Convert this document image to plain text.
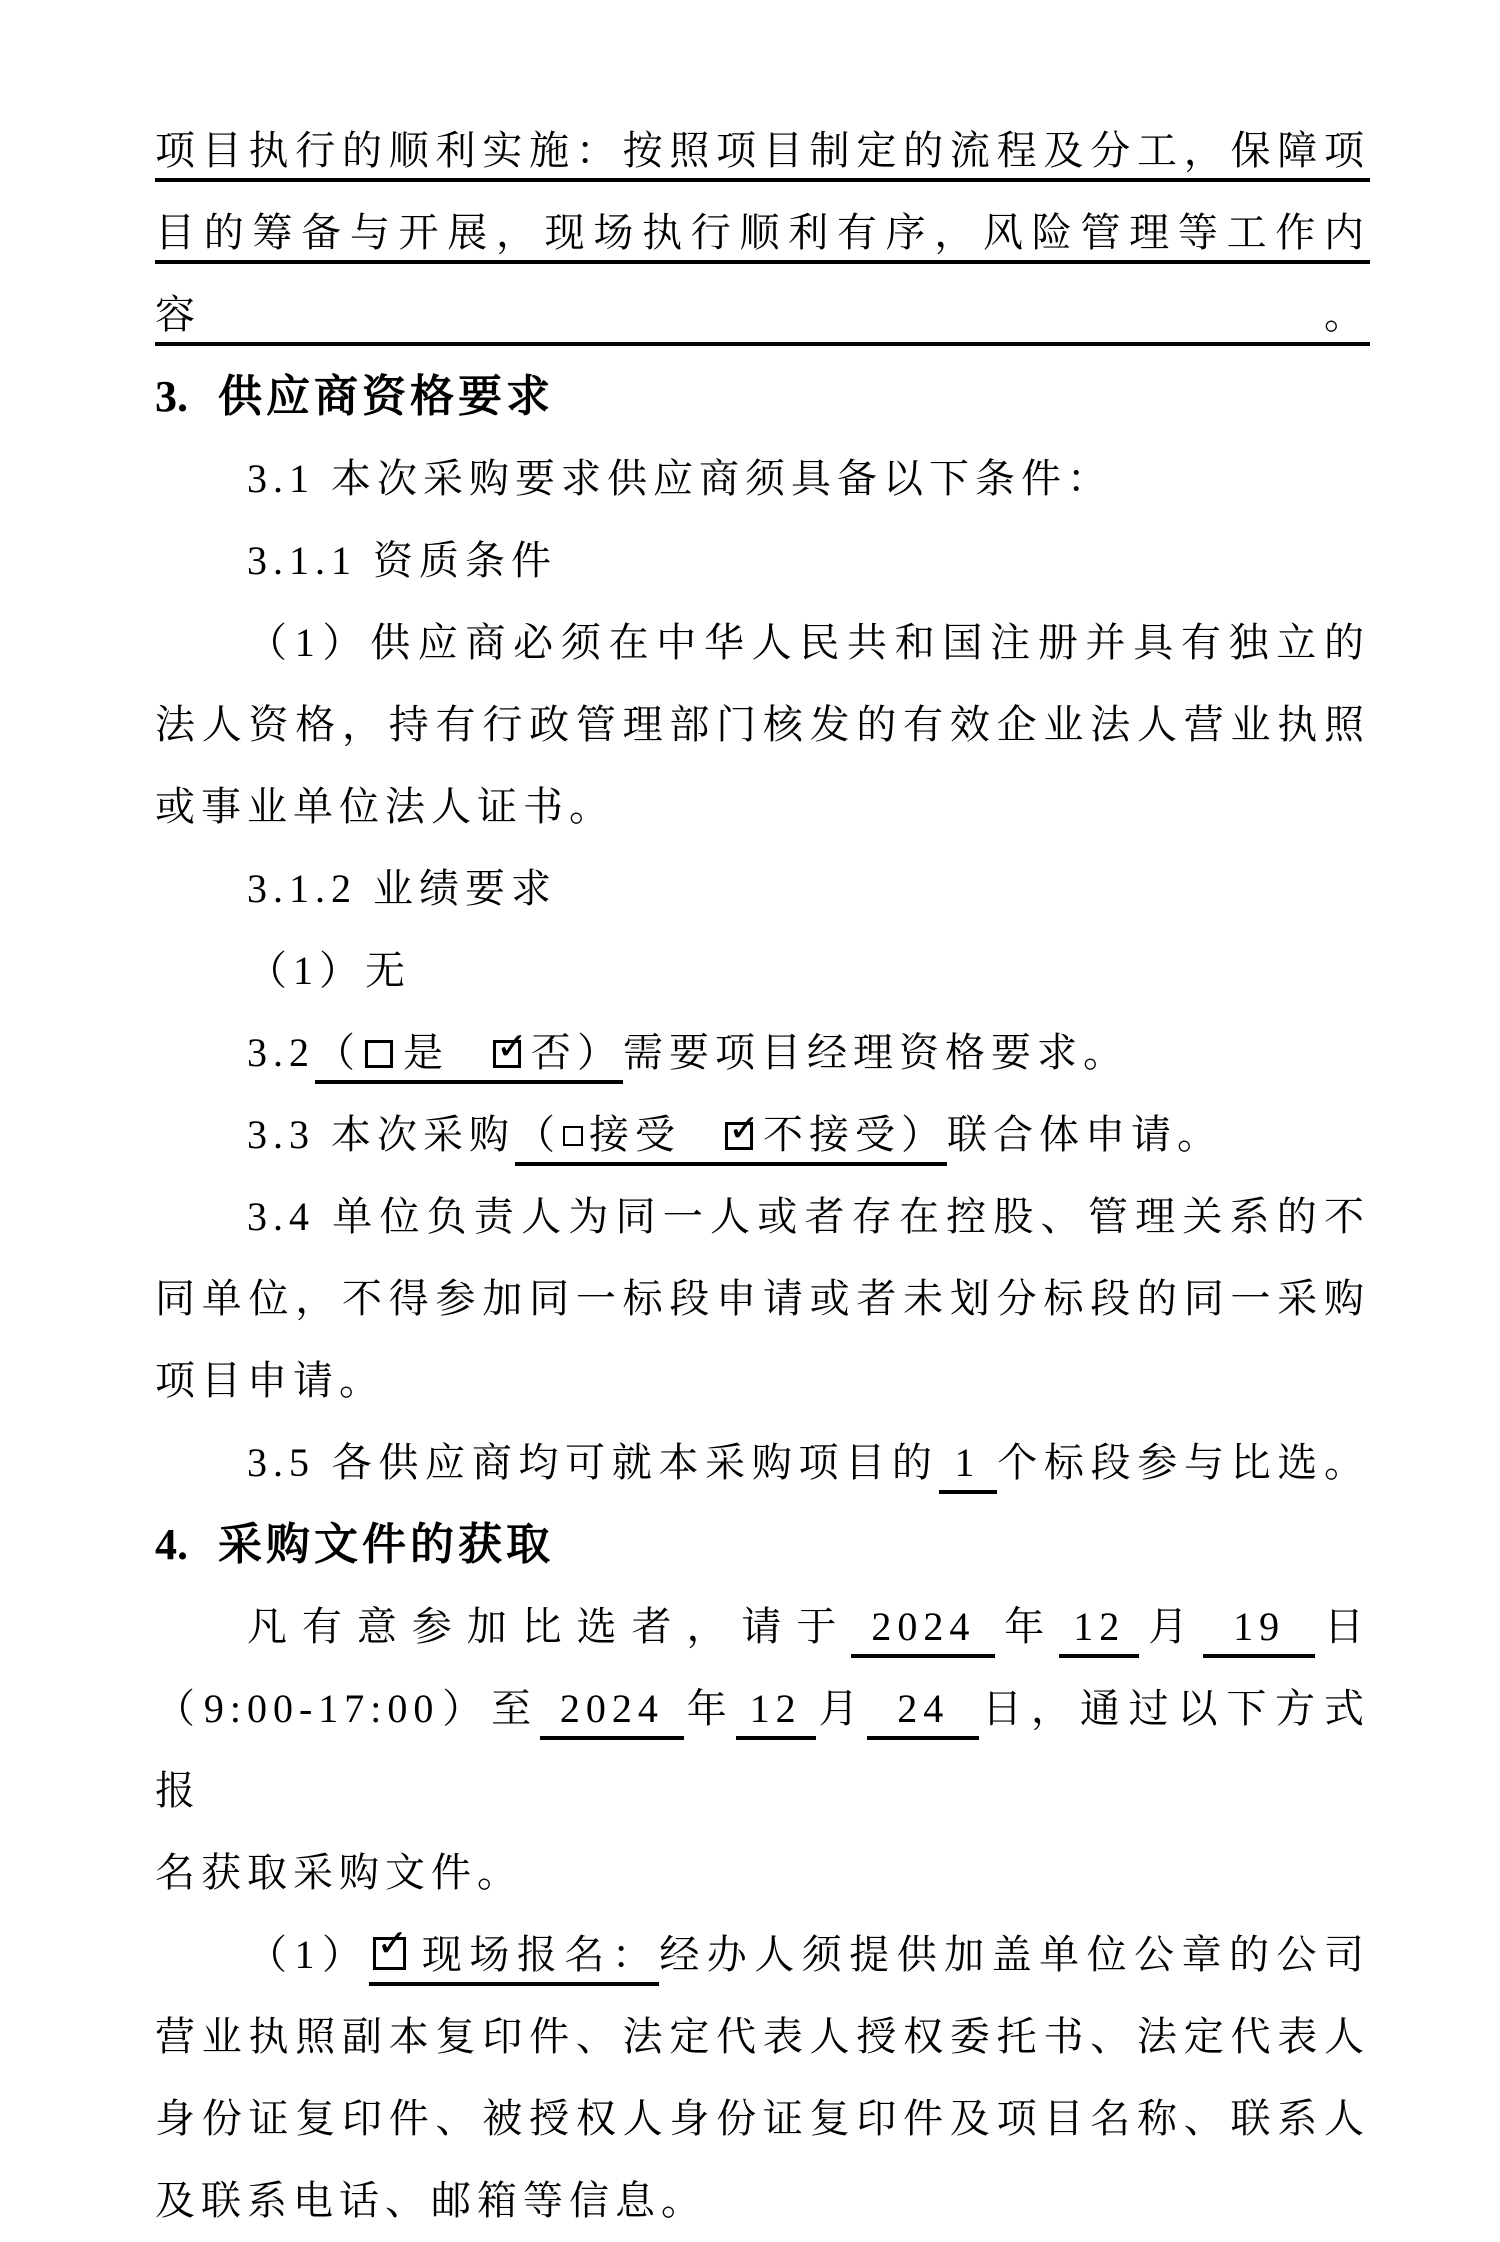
项目执行的顺利实施：按照项目制定的流程及分工，保障项
目的筹备与开展，现场执行顺利有序，风险管理等工作内容。
3. 供应商资格要求
3.1 本次采购要求供应商须具备以下条件：
3.1.1 资质条件
（1）供应商必须在中华人民共和国注册并具有独立的
法人资格，持有行政管理部门核发的有效企业法人营业执照
或事业单位法人证书。
3.1.2 业绩要求
（1）无
3.2（ 是 ✓ 否）需要项目经理资格要求。
3.3 本次采购（ 接受 ✓ 不接受）联合体申请。
3.4 单位负责人为同一人或者存在控股、管理关系的不
同单位，不得参加同一标段申请或者未划分标段的同一采购
项目申请。
3.5 各供应商均可就本采购项目的 1 个标段参与比选。
4. 采购文件的获取
凡有意参加比选者，请于 2024 年 12 月 19 日
（9:00-17:00）至 2024 年 12 月 24 日，通过以下方式报
名获取采购文件。
（1） ✓ 现场报名：经办人须提供加盖单位公章的公司
营业执照副本复印件、法定代表人授权委托书、法定代表人
身份证复印件、被授权人身份证复印件及项目名称、联系人
及联系电话、邮箱等信息。
